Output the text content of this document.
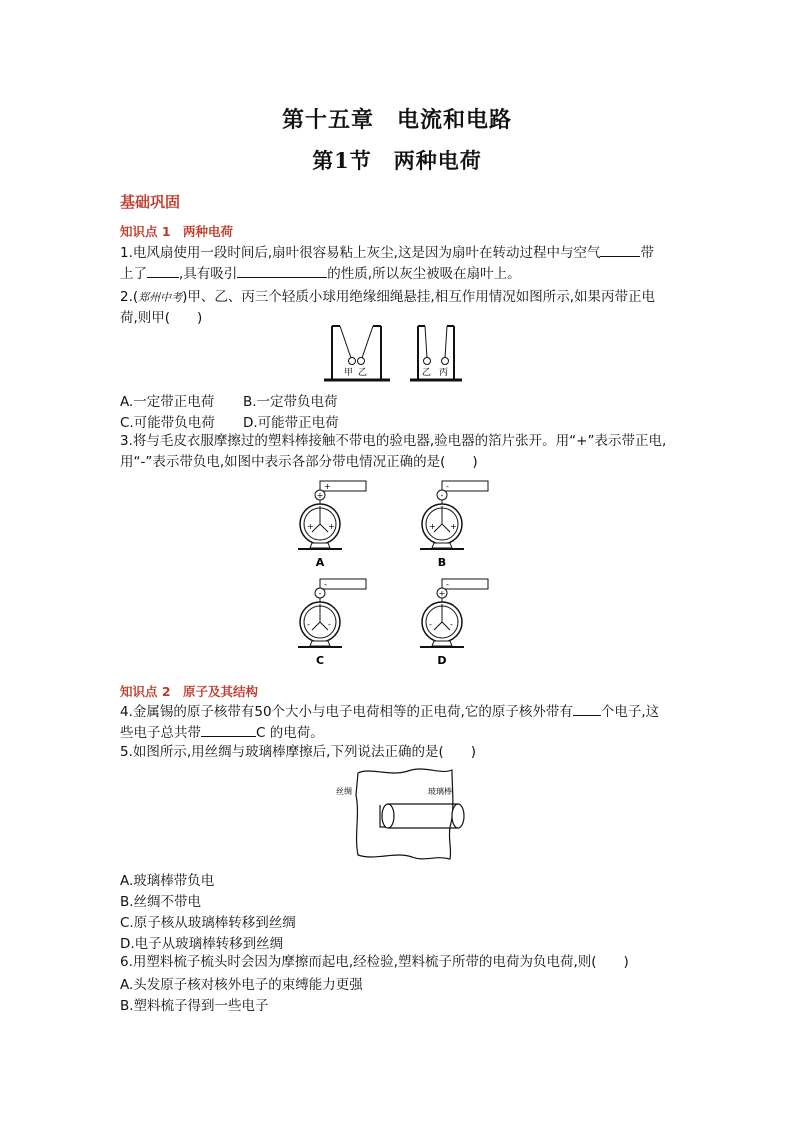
第十五章　电流和电路
第1节　两种电荷
基础巩固
知识点 1　两种电荷
1.电风扇使用一段时间后,扇叶很容易粘上灰尘,这是因为扇叶在转动过程中与空气	带
上了 ,具有吸引	的性质,所以灰尘被吸在扇叶上。
2.(郑州中考)甲、乙、丙三个轻质小球用绝缘细绳悬挂,相互作用情况如图所示,如果丙带正电
荷,则甲(　　)
甲 乙	乙 丙
A.一定带正电荷 B.一定带负电荷
C.可能带负电荷 D.可能带正电荷
3.将与毛皮衣服摩擦过的塑料棒接触不带电的验电器,验电器的箔片张开。用“+”表示带正电,
用“-”表示带负电,如图中表示各部分带电情况正确的是(　　)
+
+
+ +
A
-
-
+ +
B
-
-
- -
C
-
+
- -
D
知识点 2　原子及其结构
4.金属锡的原子核带有50个大小与电子电荷相等的正电荷,它的原子核外带有 个电子,这
些电子总共带	C 的电荷。
5.如图所示,用丝绸与玻璃棒摩擦后,下列说法正确的是(　　)
丝绸	玻璃棒
A.玻璃棒带负电
B.丝绸不带电
C.原子核从玻璃棒转移到丝绸
D.电子从玻璃棒转移到丝绸
6.用塑料梳子梳头时会因为摩擦而起电,经检验,塑料梳子所带的电荷为负电荷,则(　　)
A.头发原子核对核外电子的束缚能力更强
B.塑料梳子得到一些电子
